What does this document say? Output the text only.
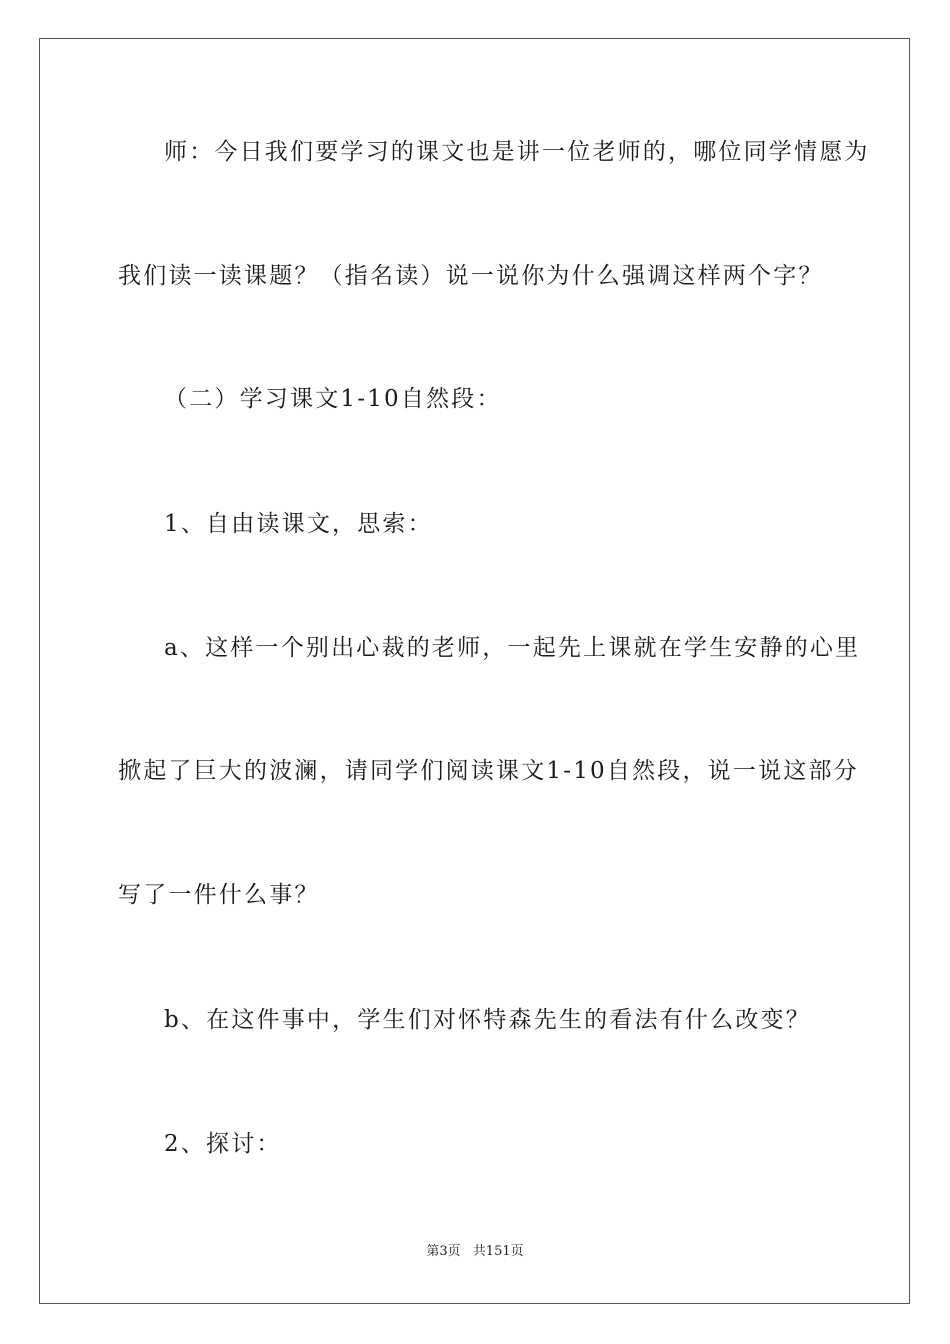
师：今日我们要学习的课文也是讲一位老师的，哪位同学情愿为
我们读一读课题？（指名读）说一说你为什么强调这样两个字？
（二）学习课文1-10自然段：
1、自由读课文，思索：
a、这样一个别出心裁的老师，一起先上课就在学生安静的心里
掀起了巨大的波澜，请同学们阅读课文1-10自然段，说一说这部分
写了一件什么事？
b、在这件事中，学生们对怀特森先生的看法有什么改变？
2、探讨：
第3页 共151页
